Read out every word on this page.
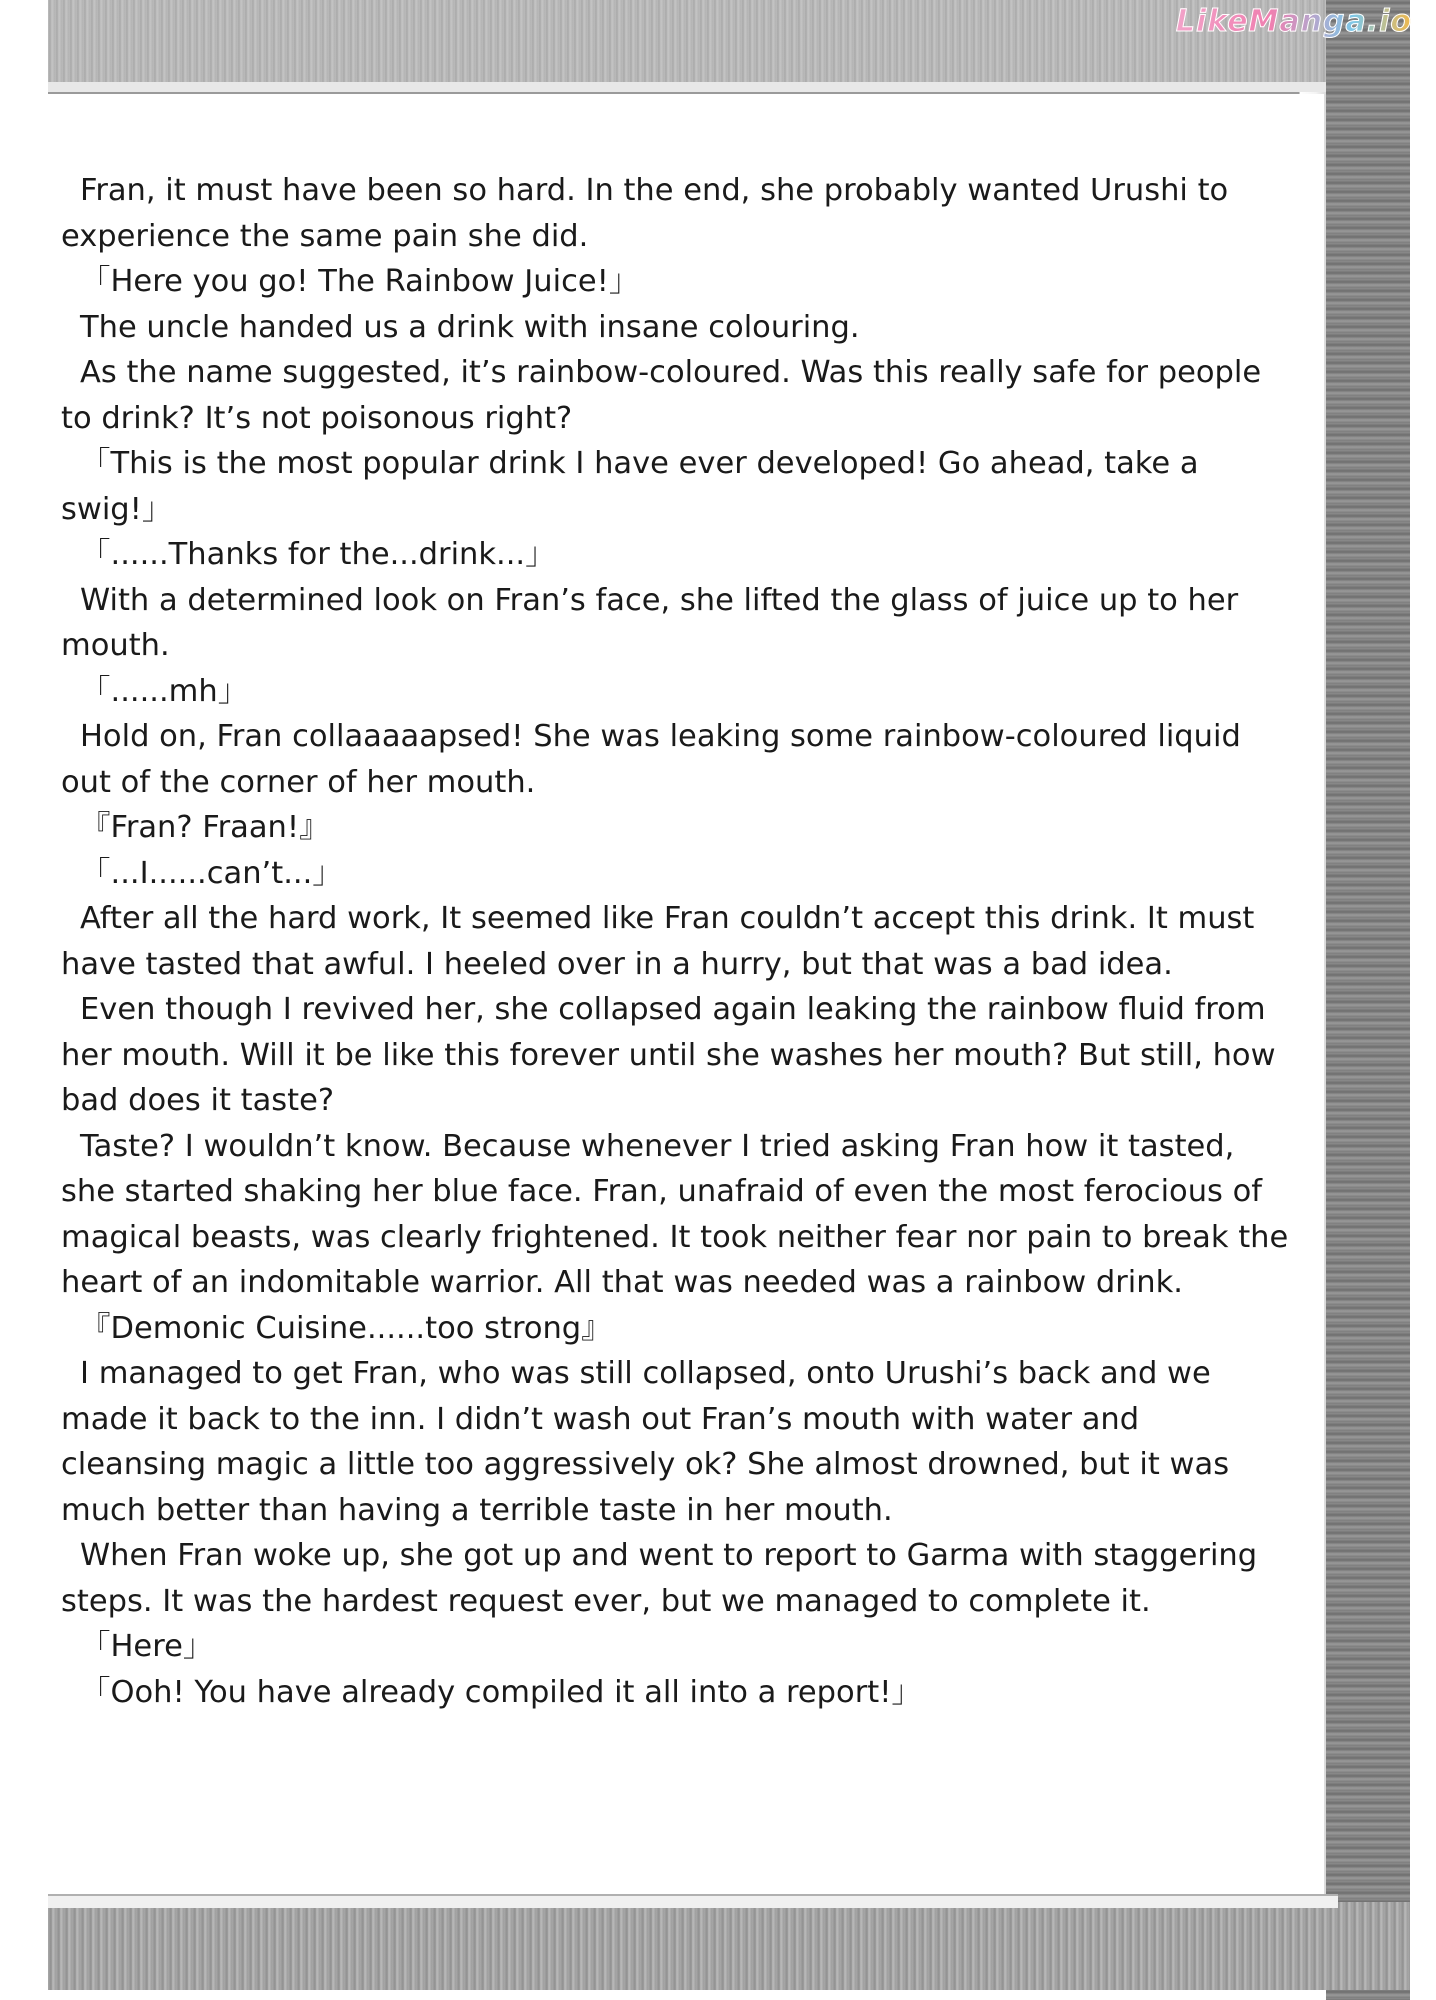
LikeManga.io

Fran, it must have been so hard. In the end, she probably wanted Urushi to experience the same pain she did.

「Here you go! The Rainbow Juice!」

The uncle handed us a drink with insane colouring.

As the name suggested, it’s rainbow-coloured. Was this really safe for people to drink? It’s not poisonous right?

「This is the most popular drink I have ever developed! Go ahead, take a swig!」

「......Thanks for the...drink...」

With a determined look on Fran’s face, she lifted the glass of juice up to her mouth.

「......mh」

Hold on, Fran collaaaaapsed! She was leaking some rainbow-coloured liquid out of the corner of her mouth.

『Fran? Fraan!』

「...I......can’t...」

After all the hard work, It seemed like Fran couldn’t accept this drink. It must have tasted that awful. I heeled over in a hurry, but that was a bad idea.

Even though I revived her, she collapsed again leaking the rainbow fluid from her mouth. Will it be like this forever until she washes her mouth? But still, how bad does it taste?

Taste? I wouldn’t know. Because whenever I tried asking Fran how it tasted, she started shaking her blue face. Fran, unafraid of even the most ferocious of magical beasts, was clearly frightened. It took neither fear nor pain to break the heart of an indomitable warrior. All that was needed was a rainbow drink.

『Demonic Cuisine......too strong』

I managed to get Fran, who was still collapsed, onto Urushi’s back and we made it back to the inn. I didn’t wash out Fran’s mouth with water and cleansing magic a little too aggressively ok? She almost drowned, but it was much better than having a terrible taste in her mouth.

When Fran woke up, she got up and went to report to Garma with staggering steps. It was the hardest request ever, but we managed to complete it.

「Here」

「Ooh! You have already compiled it all into a report!」
